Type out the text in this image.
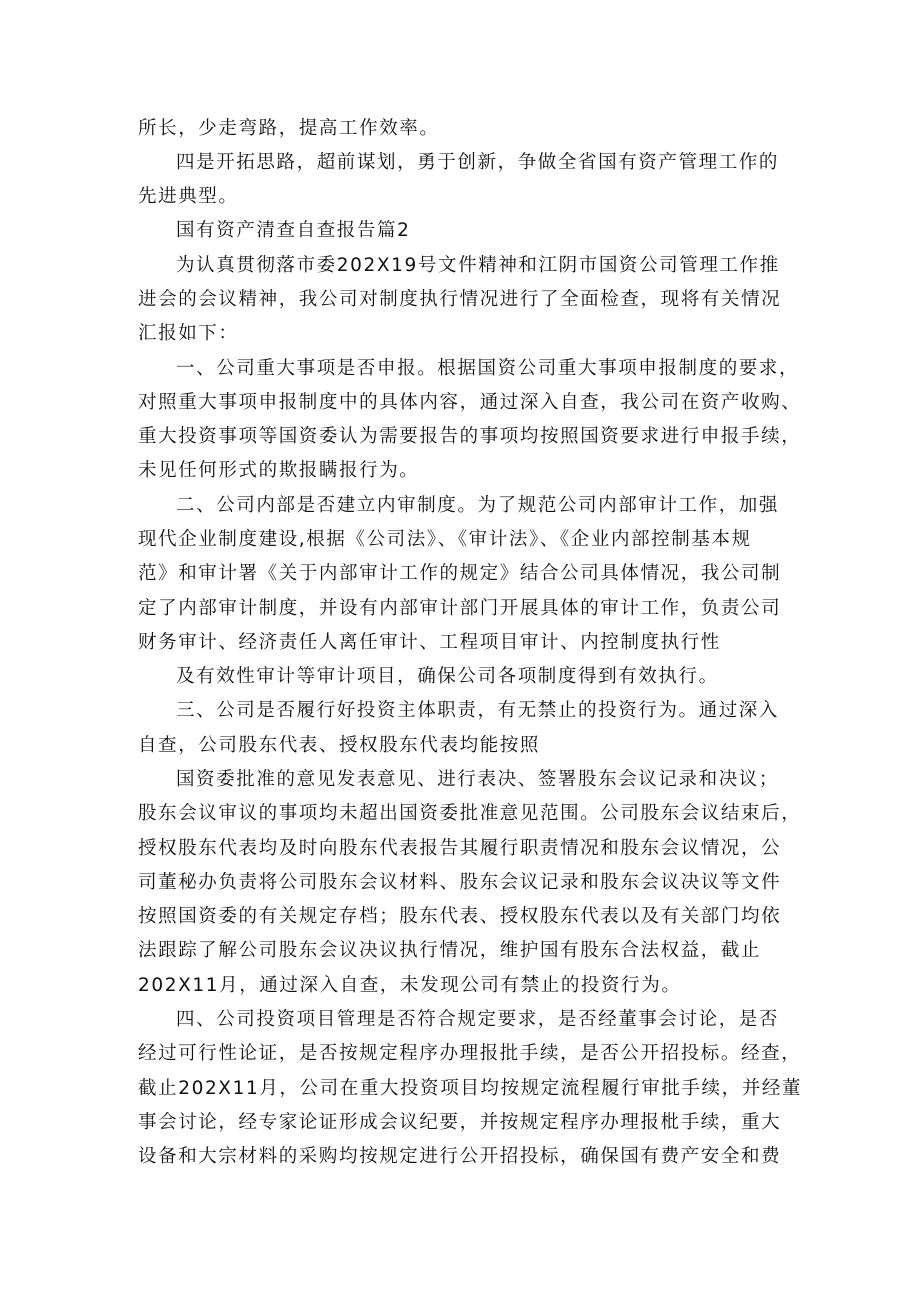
所长，少走弯路，提高工作效率。
四是开拓思路，超前谋划，勇于创新，争做全省国有资产管理工作的
先进典型。
国有资产清查自查报告篇2
为认真贯彻落市委202X19号文件精神和江阴市国资公司管理工作推
进会的会议精神，我公司对制度执行情况进行了全面检查，现将有关情况
汇报如下：
一、公司重大事项是否申报。根据国资公司重大事项申报制度的要求，
对照重大事项申报制度中的具体内容，通过深入自查，我公司在资产收购、
重大投资事项等国资委认为需要报告的事项均按照国资要求进行申报手续，
未见任何形式的欺报瞒报行为。
二、公司内部是否建立内审制度。为了规范公司内部审计工作，加强
现代企业制度建设,根据《公司法》、《审计法》、《企业内部控制基本规
范》和审计署《关于内部审计工作的规定》结合公司具体情况，我公司制
定了内部审计制度，并设有内部审计部门开展具体的审计工作，负责公司
财务审计、经济责任人离任审计、工程项目审计、内控制度执行性
及有效性审计等审计项目，确保公司各项制度得到有效执行。
三、公司是否履行好投资主体职责，有无禁止的投资行为。通过深入
自查，公司股东代表、授权股东代表均能按照
国资委批准的意见发表意见、进行表决、签署股东会议记录和决议；
股东会议审议的事项均未超出国资委批准意见范围。公司股东会议结束后，
授权股东代表均及时向股东代表报告其履行职责情况和股东会议情况，公
司董秘办负责将公司股东会议材料、股东会议记录和股东会议决议等文件
按照国资委的有关规定存档；股东代表、授权股东代表以及有关部门均依
法跟踪了解公司股东会议决议执行情况，维护国有股东合法权益，截止
202X11月，通过深入自查，未发现公司有禁止的投资行为。
四、公司投资项目管理是否符合规定要求，是否经董事会讨论，是否
经过可行性论证，是否按规定程序办理报批手续，是否公开招投标。经查，
截止202X11月，公司在重大投资项目均按规定流程履行审批手续，并经董
事会讨论，经专家论证形成会议纪要，并按规定程序办理报枇手续，重大
设备和大宗材料的采购均按规定进行公开招投标，确保国有费产安全和费
